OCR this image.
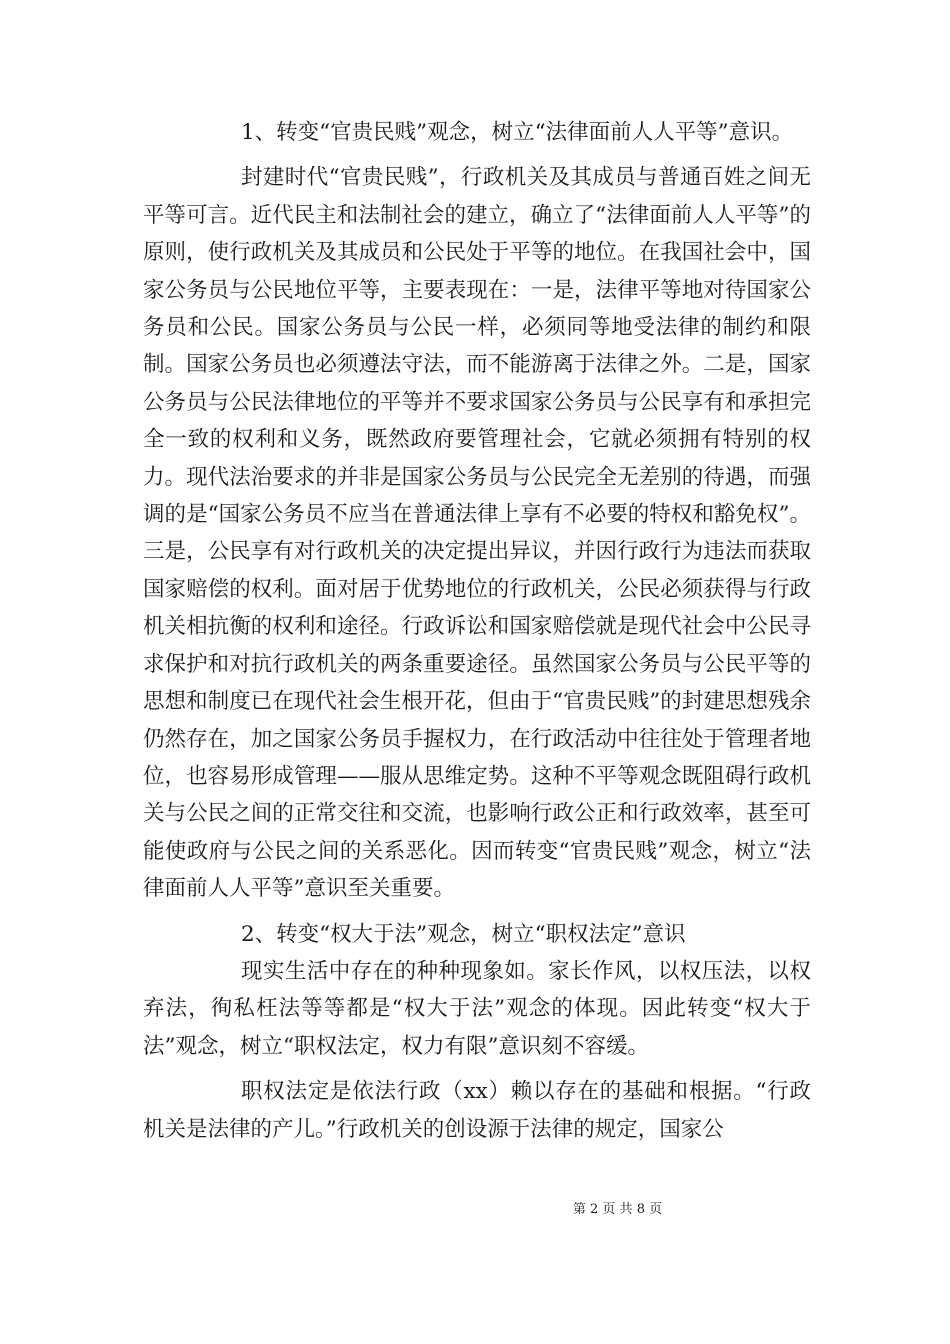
1、转变“官贵民贱”观念，树立“法律面前人人平等”意识。

封建时代“官贵民贱”，行政机关及其成员与普通百姓之间无平等可言。近代民主和法制社会的建立，确立了“法律面前人人平等”的原则，使行政机关及其成员和公民处于平等的地位。在我国社会中，国家公务员与公民地位平等，主要表现在：一是，法律平等地对待国家公务员和公民。国家公务员与公民一样，必须同等地受法律的制约和限制。国家公务员也必须遵法守法，而不能游离于法律之外。二是，国家公务员与公民法律地位的平等并不要求国家公务员与公民享有和承担完全一致的权利和义务，既然政府要管理社会，它就必须拥有特别的权力。现代法治要求的并非是国家公务员与公民完全无差别的待遇，而强调的是“国家公务员不应当在普通法律上享有不必要的特权和豁免权”。三是，公民享有对行政机关的决定提出异议，并因行政行为违法而获取国家赔偿的权利。面对居于优势地位的行政机关，公民必须获得与行政机关相抗衡的权利和途径。行政诉讼和国家赔偿就是现代社会中公民寻求保护和对抗行政机关的两条重要途径。虽然国家公务员与公民平等的思想和制度已在现代社会生根开花，但由于“官贵民贱”的封建思想残余仍然存在，加之国家公务员手握权力，在行政活动中往往处于管理者地位，也容易形成管理——服从思维定势。这种不平等观念既阻碍行政机关与公民之间的正常交往和交流，也影响行政公正和行政效率，甚至可能使政府与公民之间的关系恶化。因而转变“官贵民贱”观念，树立“法律面前人人平等”意识至关重要。

2、转变“权大于法”观念，树立“职权法定”意识

现实生活中存在的种种现象如。家长作风，以权压法，以权弃法，徇私枉法等等都是“权大于法”观念的体现。因此转变“权大于法”观念，树立“职权法定，权力有限”意识刻不容缓。

职权法定是依法行政（xx）赖以存在的基础和根据。“行政机关是法律的产儿。”行政机关的创设源于法律的规定，国家公

第 2 页 共 8 页
